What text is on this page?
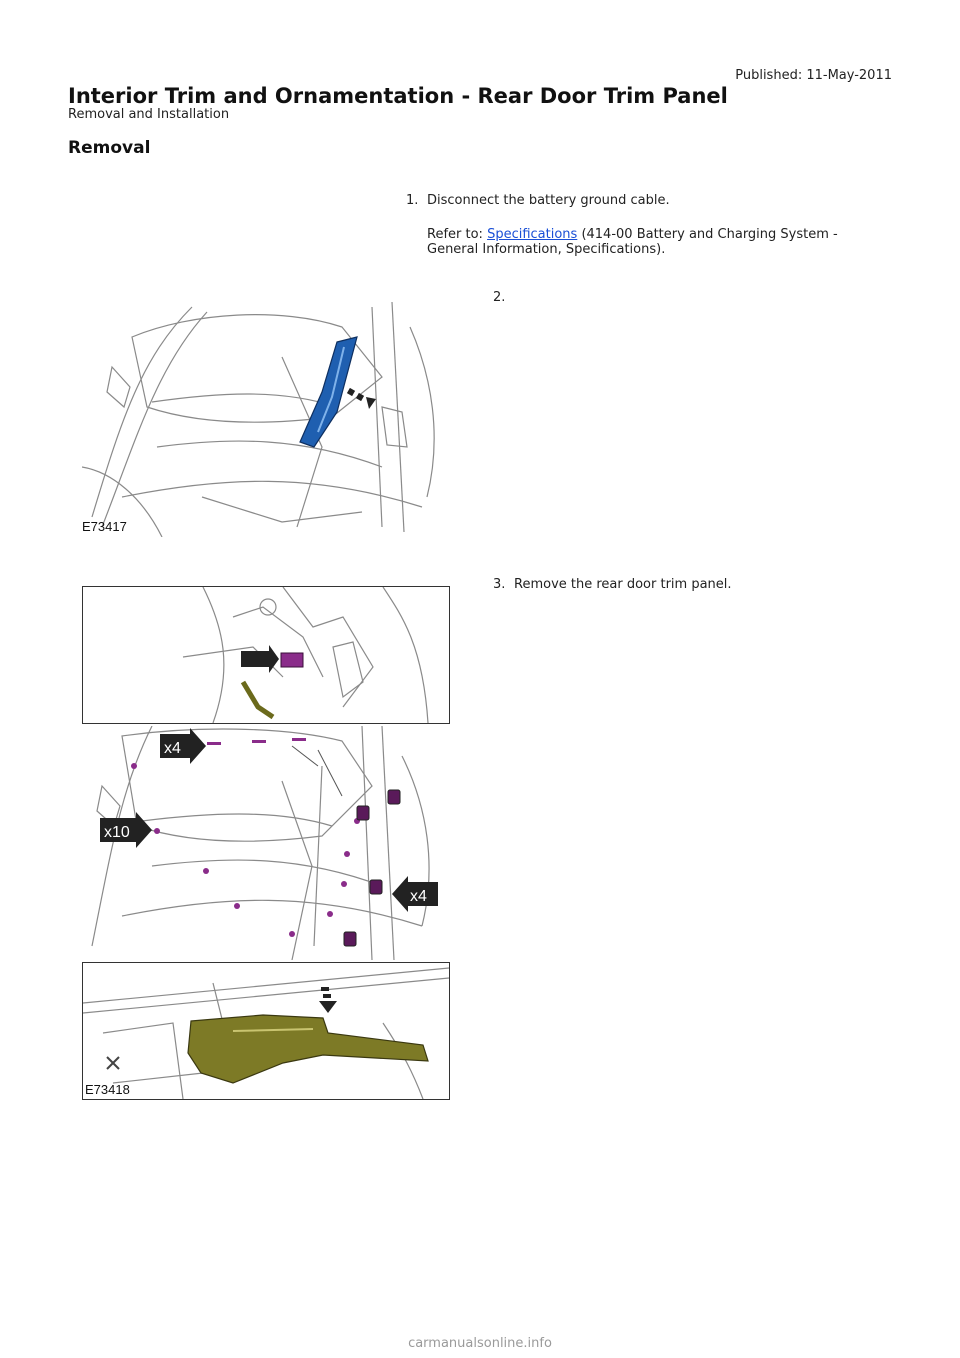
Published: 11-May-2011
Interior Trim and Ornamentation - Rear Door Trim Panel
Removal and Installation
Removal
1. Disconnect the battery ground cable.
Refer to: Specifications (414-00 Battery and Charging System -
General Information, Specifications).
2.
E73417
3. Remove the rear door trim panel.
x4
x10
x4
E73418
carmanualsonline.info
